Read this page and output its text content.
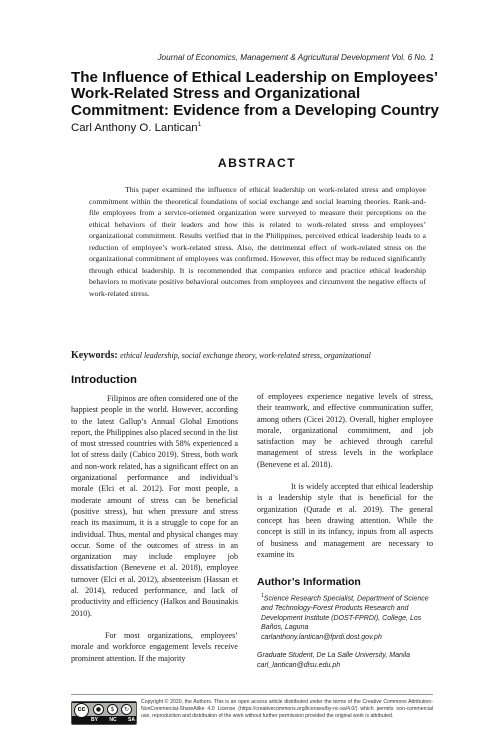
Journal of Economics, Management & Agricultural Development Vol. 6 No. 1
The Influence of Ethical Leadership on Employees’ Work-Related Stress and Organizational Commitment: Evidence from a Developing Country
Carl Anthony O. Lantican$^1$
ABSTRACT

This paper examined the influence of ethical leadership on work-related stress and employee commitment within the theoretical foundations of social exchange and social learning theories. Rank-and-file employees from a service-oriented organization were surveyed to measure their perceptions on the ethical behaviors of their leaders and how this is related to work-related stress and employees’ organizational commitment. Results verified that in the Philippines, perceived ethical leadership leads to a reduction of employee’s work-related stress. Also, the detrimental effect of work-related stress on the organizational commitment of employees was confirmed. However, this effect may be reduced significantly through ethical leadership. It is recommended that companies enforce and practice ethical leadership behaviors to motivate positive behavioral outcomes from employees and circumvent the negative effects of work-related stress.

Keywords: ethical leadership, social exchange theory, work-related stress, organizational
Introduction

Filipinos are often considered one of the happiest people in the world. However, according to the latest Gallup’s Annual Global Emotions report, the Philippines also placed second in the list of most stressed countries with 58% experienced a lot of stress daily (Cabico 2019). Stress, both work and non-work related, has a significant effect on an organizational performance and individual’s morale (Elci et al. 2012). For most people, a moderate amount of stress can be beneficial (positive stress), but when pressure and stress reach its maximum, it is a struggle to cope for an individual. Thus, mental and physical changes may occur. Some of the outcomes of stress in an organization may include employee job dissatisfaction (Benevene et al. 2018), employee turnover (Elci et al. 2012), absenteeism (Hassan et al. 2014), reduced performance, and lack of productivity and efficiency (Halkos and Bousinakis 2010).

For most organizations, employees’ morale and workforce engagement levels receive prominent attention. If the majority

of employees experience negative levels of stress, their teamwork, and effective communication suffer, among others (Cicei 2012). Overall, higher employee morale, organizational commitment, and job satisfaction may be achieved through careful management of stress levels in the workplace (Benevene et al. 2018).

It is widely accepted that ethical leadership is a leadership style that is beneficial for the organization (Qurade et al. 2019). The general concept has been drawing attention. While the concept is still in its infancy, inputs from all aspects of business and management are necessary to examine its

Author’s Information

$^1$Science Research Specialist, Department of Science and Technology-Forest Products Research and Development Institute (DOST-FPRDI), College, Los Baños, Laguna

carlanthony.lantican@fprdi.dost.gov.ph

Graduate Student, De La Salle University, Manila

carl_lantican@dlsu.edu.ph

cc	●	$	↻
BY NC SA

Copyright © 2020, the Authors. This is an open access article distributed under the terms of the Creative Commons Attribution-NonCommercial-ShareAlike 4.0 License (https://creativecommons.org/licenses/by-nc-sa/4.0/) which permits non-commercial use, reproduction and distribution of the work without further permission provided the original work is attributed.
